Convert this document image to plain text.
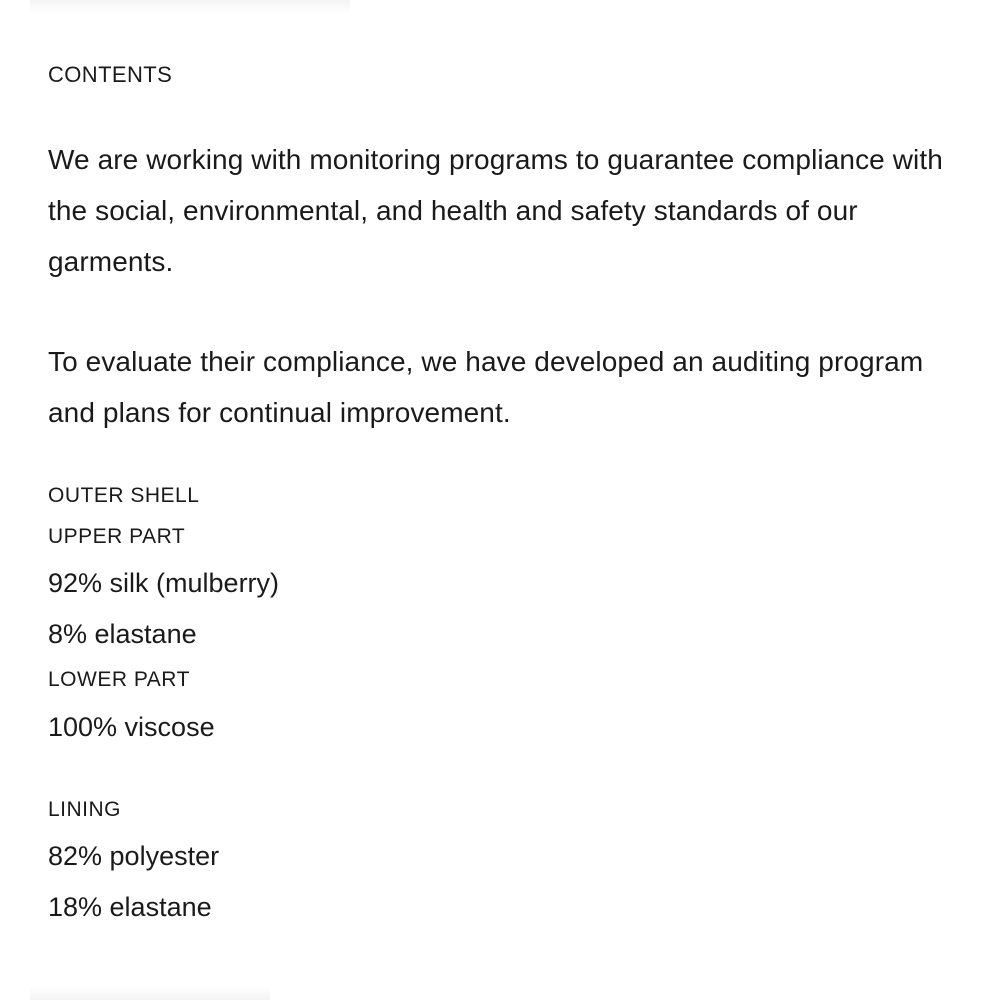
CONTENTS

We are working with monitoring programs to guarantee compliance with the social, environmental, and health and safety standards of our garments.

To evaluate their compliance, we have developed an auditing program and plans for continual improvement.

OUTER SHELL
UPPER PART
92% silk (mulberry)
8% elastane
LOWER PART
100% viscose
LINING
82% polyester
18% elastane
